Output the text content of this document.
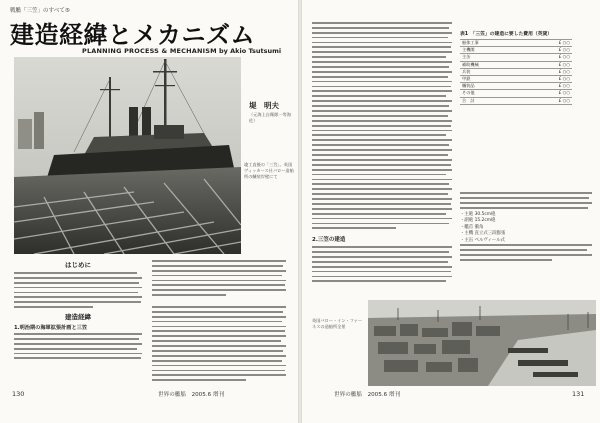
戦艦「三笠」のすべて⑤
建造経緯とメカニズム
PLANNING PROCESS & MECHANISM by Akio Tsutsumi
堤　明夫
（元海上自衛隊一等海佐）
竣工直後の「三笠」。英国ヴィッカース社バロー造船所の艤装岸壁にて
はじめに
建造経緯
1.明治期の海軍拡張計画と三笠
130	世界の艦船　2005.6 増刊
2.三笠の建造
表1　「三笠」の建造に要した費用（英貨）
船体工事	£ ○○
主機関	£ ○○
主缶	£ ○○
補助機械	£ ○○
兵装	£ ○○
甲鉄	£ ○○
艤装品	£ ○○
その他	£ ○○
合　計	£ ○○
・主砲 30.5cm砲
・副砲 15.2cm砲
・艦首 衝角
・主機 直立式三段膨張
・主缶 ベルヴィール式
英国バロー・イン・ファーネスの造船所全景
世界の艦船　2005.6 増刊	131
